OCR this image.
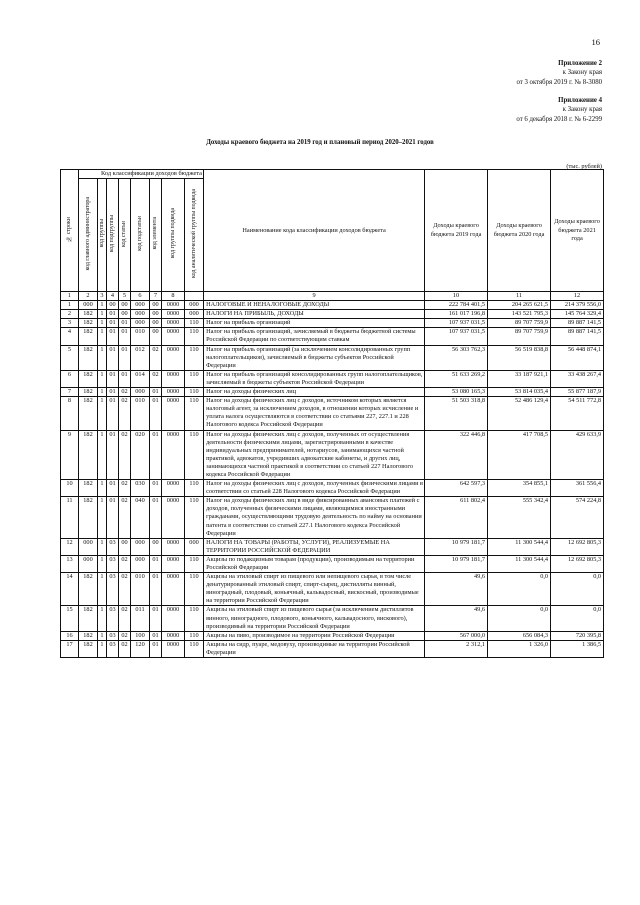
16
Приложение 2
к Закону края
от 3 октября 2019 г. № 8-3080
Приложение 4
к Закону края
от 6 декабря 2018 г. № 6-2299
Доходы краевого бюджета на 2019 год и плановый период 2020–2021 годов
(тыс. рублей)
№ строки	Код классификации доходов бюджета								Наименование кода классификации доходов бюджета	Доходы краевого бюджета 2019 года	Доходы краевого бюджета 2020 года	Доходы краевого бюджета 2021 года
	код главного администратора	код группы	код подгруппы	код статьи	код подстатьи	код элемента	код группы подвида	код аналитической группы подвида				
1	2	3	4	5	6	7	8		9	10	11	12
1	000	1	00	00	000	00	0000	000	НАЛОГОВЫЕ И НЕНАЛОГОВЫЕ ДОХОДЫ	222 784 401,5	204 265 621,5	214 379 556,0
2	182	1	01	00	000	00	0000	000	НАЛОГИ НА ПРИБЫЛЬ, ДОХОДЫ	161 017 196,8	143 521 795,3	145 764 329,4
3	182	1	01	01	000	00	0000	110	Налог на прибыль организаций	107 937 031,5	89 707 759,9	89 887 141,5
4	182	1	01	01	010	00	0000	110	Налог на прибыль организаций, зачисляемый в бюджеты бюджетной системы Российской Федерации по соответствующим ставкам	107 937 031,5	89 707 759,9	89 887 141,5
5	182	1	01	01	012	02	0000	110	Налог на прибыль организаций (за исключением консолидированных групп налогоплательщиков), зачисляемый в бюджеты субъектов Российской Федерации	56 303 762,3	56 519 838,8	56 448 874,1
6	182	1	01	01	014	02	0000	110	Налог на прибыль организаций консолидированных групп налогоплательщиков, зачисляемый в бюджеты субъектов Российской Федерации	51 633 269,2	33 187 921,1	33 438 267,4
7	182	1	01	02	000	01	0000	110	Налог на доходы физических лиц	53 080 165,3	53 814 035,4	55 877 187,9
8	182	1	01	02	010	01	0000	110	Налог на доходы физических лиц с доходов, источником которых является налоговый агент, за исключением доходов, в отношении которых исчисление и уплата налога осуществляются в соответствии со статьями 227, 227.1 и 228 Налогового кодекса Российской Федерации	51 503 318,8	52 486 129,4	54 511 772,8
9	182	1	01	02	020	01	0000	110	Налог на доходы физических лиц с доходов, полученных от осуществления деятельности физическими лицами, зарегистрированными в качестве индивидуальных предпринимателей, нотариусов, занимающихся частной практикой, адвокатов, учредивших адвокатские кабинеты, и других лиц, занимающихся частной практикой в соответствии со статьей 227 Налогового кодекса Российской Федерации	322 446,8	417 708,5	429 633,9
10	182	1	01	02	030	01	0000	110	Налог на доходы физических лиц с доходов, полученных физическими лицами в соответствии со статьей 228 Налогового кодекса Российской Федерации	642 597,3	354 855,1	361 556,4
11	182	1	01	02	040	01	0000	110	Налог на доходы физических лиц в виде фиксированных авансовых платежей с доходов, полученных физическими лицами, являющимися иностранными гражданами, осуществляющими трудовую деятельность по найму на основании патента в соответствии со статьей 227.1 Налогового кодекса Российской Федерации	611 802,4	555 342,4	574 224,8
12	000	1	03	00	000	00	0000	000	НАЛОГИ НА ТОВАРЫ (РАБОТЫ, УСЛУГИ), РЕАЛИЗУЕМЫЕ НА ТЕРРИТОРИИ РОССИЙСКОЙ ФЕДЕРАЦИИ	10 979 181,7	11 300 544,4	12 692 805,3
13	000	1	03	02	000	01	0000	110	Акцизы по подакцизным товарам (продукции), производимым на территории Российской Федерации	10 979 181,7	11 300 544,4	12 692 805,3
14	182	1	03	02	010	01	0000	110	Акцизы на этиловый спирт из пищевого или непищевого сырья, в том числе денатурированный этиловый спирт, спирт-сырец, дистилляты винный, виноградный, плодовый, коньячный, кальвадосный, вискосный, производимые на территории Российской Федерации	49,6	0,0	0,0
15	182	1	03	02	011	01	0000	110	Акцизы на этиловый спирт из пищевого сырья (за исключением дистиллятов винного, виноградного, плодового, коньячного, кальвадосного, вискового), производимый на территории Российской Федерации	49,6	0,0	0,0
16	182	1	03	02	100	01	0000	110	Акцизы на пиво, производимое на территории Российской Федерации	567 000,0	656 084,3	720 395,8
17	182	1	03	02	120	01	0000	110	Акцизы на сидр, пуаре, медовуху, производимые на территории Российской Федерации	2 312,1	1 326,0	1 386,5
